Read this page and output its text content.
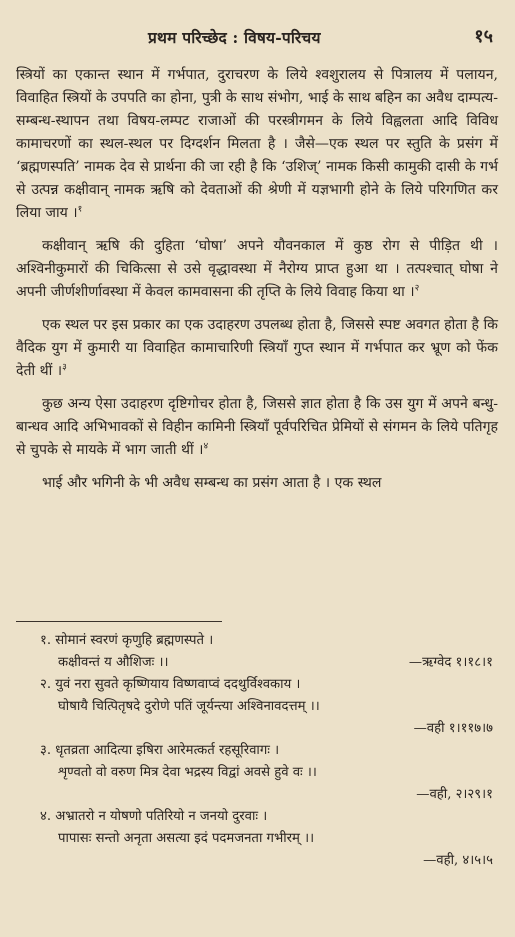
प्रथम परिच्छेद : विषय-परिचय	१५

स्त्रियों का एकान्त स्थान में गर्भपात, दुराचरण के लिये श्वशुरालय से पित्रालय में पलायन, विवाहित स्त्रियों के उपपति का होना, पुत्री के साथ संभोग, भाई के साथ बहिन का अवैध दाम्पत्य-सम्बन्ध-स्थापन तथा विषय-लम्पट राजाओं की परस्त्रीगमन के लिये विह्वलता आदि विविध कामाचरणों का स्थल-स्थल पर दिग्दर्शन मिलता है । जैसे—एक स्थल पर स्तुति के प्रसंग में ‘ब्रह्मणस्पति’ नामक देव से प्रार्थना की जा रही है कि ‘उशिज्’ नामक किसी कामुकी दासी के गर्भ से उत्पन्न कक्षीवान् नामक ऋषि को देवताओं की श्रेणी में यज्ञभागी होने के लिये परिगणित कर लिया जाय ।$^१$

कक्षीवान् ऋषि की दुहिता ‘घोषा’ अपने यौवनकाल में कुष्ठ रोग से पीड़ित थी । अश्विनीकुमारों की चिकित्सा से उसे वृद्धावस्था में नैरोग्य प्राप्त हुआ था । तत्पश्चात् घोषा ने अपनी जीर्णशीर्णावस्था में केवल कामवासना की तृप्ति के लिये विवाह किया था ।$^२$

एक स्थल पर इस प्रकार का एक उदाहरण उपलब्ध होता है, जिससे स्पष्ट अवगत होता है कि वैदिक युग में कुमारी या विवाहित कामाचारिणी स्त्रियाँ गुप्त स्थान में गर्भपात कर भ्रूण को फेंक देती थीं ।$^३$

कुछ अन्य ऐसा उदाहरण दृष्टिगोचर होता है, जिससे ज्ञात होता है कि उस युग में अपने बन्धु-बान्धव आदि अभिभावकों से विहीन कामिनी स्त्रियाँ पूर्वपरिचित प्रेमियों से संगमन के लिये पतिगृह से चुपके से मायके में भाग जाती थीं ।$^४$

भाई और भगिनी के भी अवैध सम्बन्ध का प्रसंग आता है । एक स्थल

१. सोमानं स्वरणं कृणुहि ब्रह्मणस्पते ।
—ऋग्वेद १।१८।१
कक्षीवन्तं य औशिजः ।।
२. युवं नरा सुवते कृष्णियाय विष्णवाप्वं ददथुर्विश्वकाय ।
घोषायै चित्पितृषदे दुरोणे पतिं जूर्यन्त्या अश्विनावदत्तम् ।।
—वही १।११७।७
३. धृतव्रता आदित्या इषिरा आरेमत्कर्त रहसूरिवागः ।
शृण्वतो वो वरुण मित्र देवा भद्रस्य विद्वां अवसे हुवे वः ।।
—वही, २।२९।१
४. अभ्रातरो न योषणो पतिरियो न जनयो दुरवाः ।
पापासः सन्तो अनृता असत्या इदं पदमजनता गभीरम् ।।
—वही, ४।५।५
